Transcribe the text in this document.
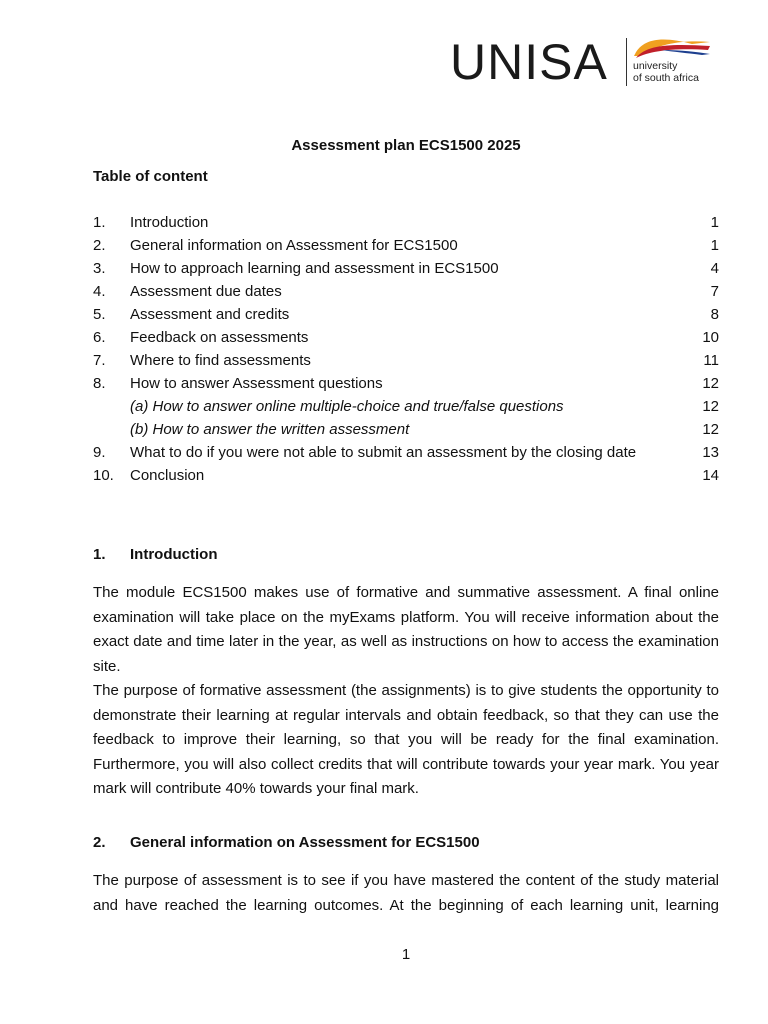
UNISA university
of south africa
Assessment plan ECS1500 2025
Table of content
1.	Introduction	1
2.	General information on Assessment for ECS1500	1
3.	How to approach learning and assessment in ECS1500	4
4.	Assessment due dates	7
5.	Assessment and credits	8
6.	Feedback on assessments	10
7.	Where to find assessments	11
8.	How to answer Assessment questions	12
(a) How to answer online multiple-choice and true/false questions	12
(b) How to answer the written assessment	12
9.	What to do if you were not able to submit an assessment by the closing date	13
10.	Conclusion	14
1. Introduction
The module ECS1500 makes use of formative and summative assessment. A final online examination will take place on the myExams platform. You will receive information about the exact date and time later in the year, as well as instructions on how to access the examination site.
The purpose of formative assessment (the assignments) is to give students the opportunity to demonstrate their learning at regular intervals and obtain feedback, so that they can use the feedback to improve their learning, so that you will be ready for the final examination. Furthermore, you will also collect credits that will contribute towards your year mark. You year mark will contribute 40% towards your final mark.
2. General information on Assessment for ECS1500
The purpose of assessment is to see if you have mastered the content of the study material and have reached the learning outcomes. At the beginning of each learning unit, learning
1
